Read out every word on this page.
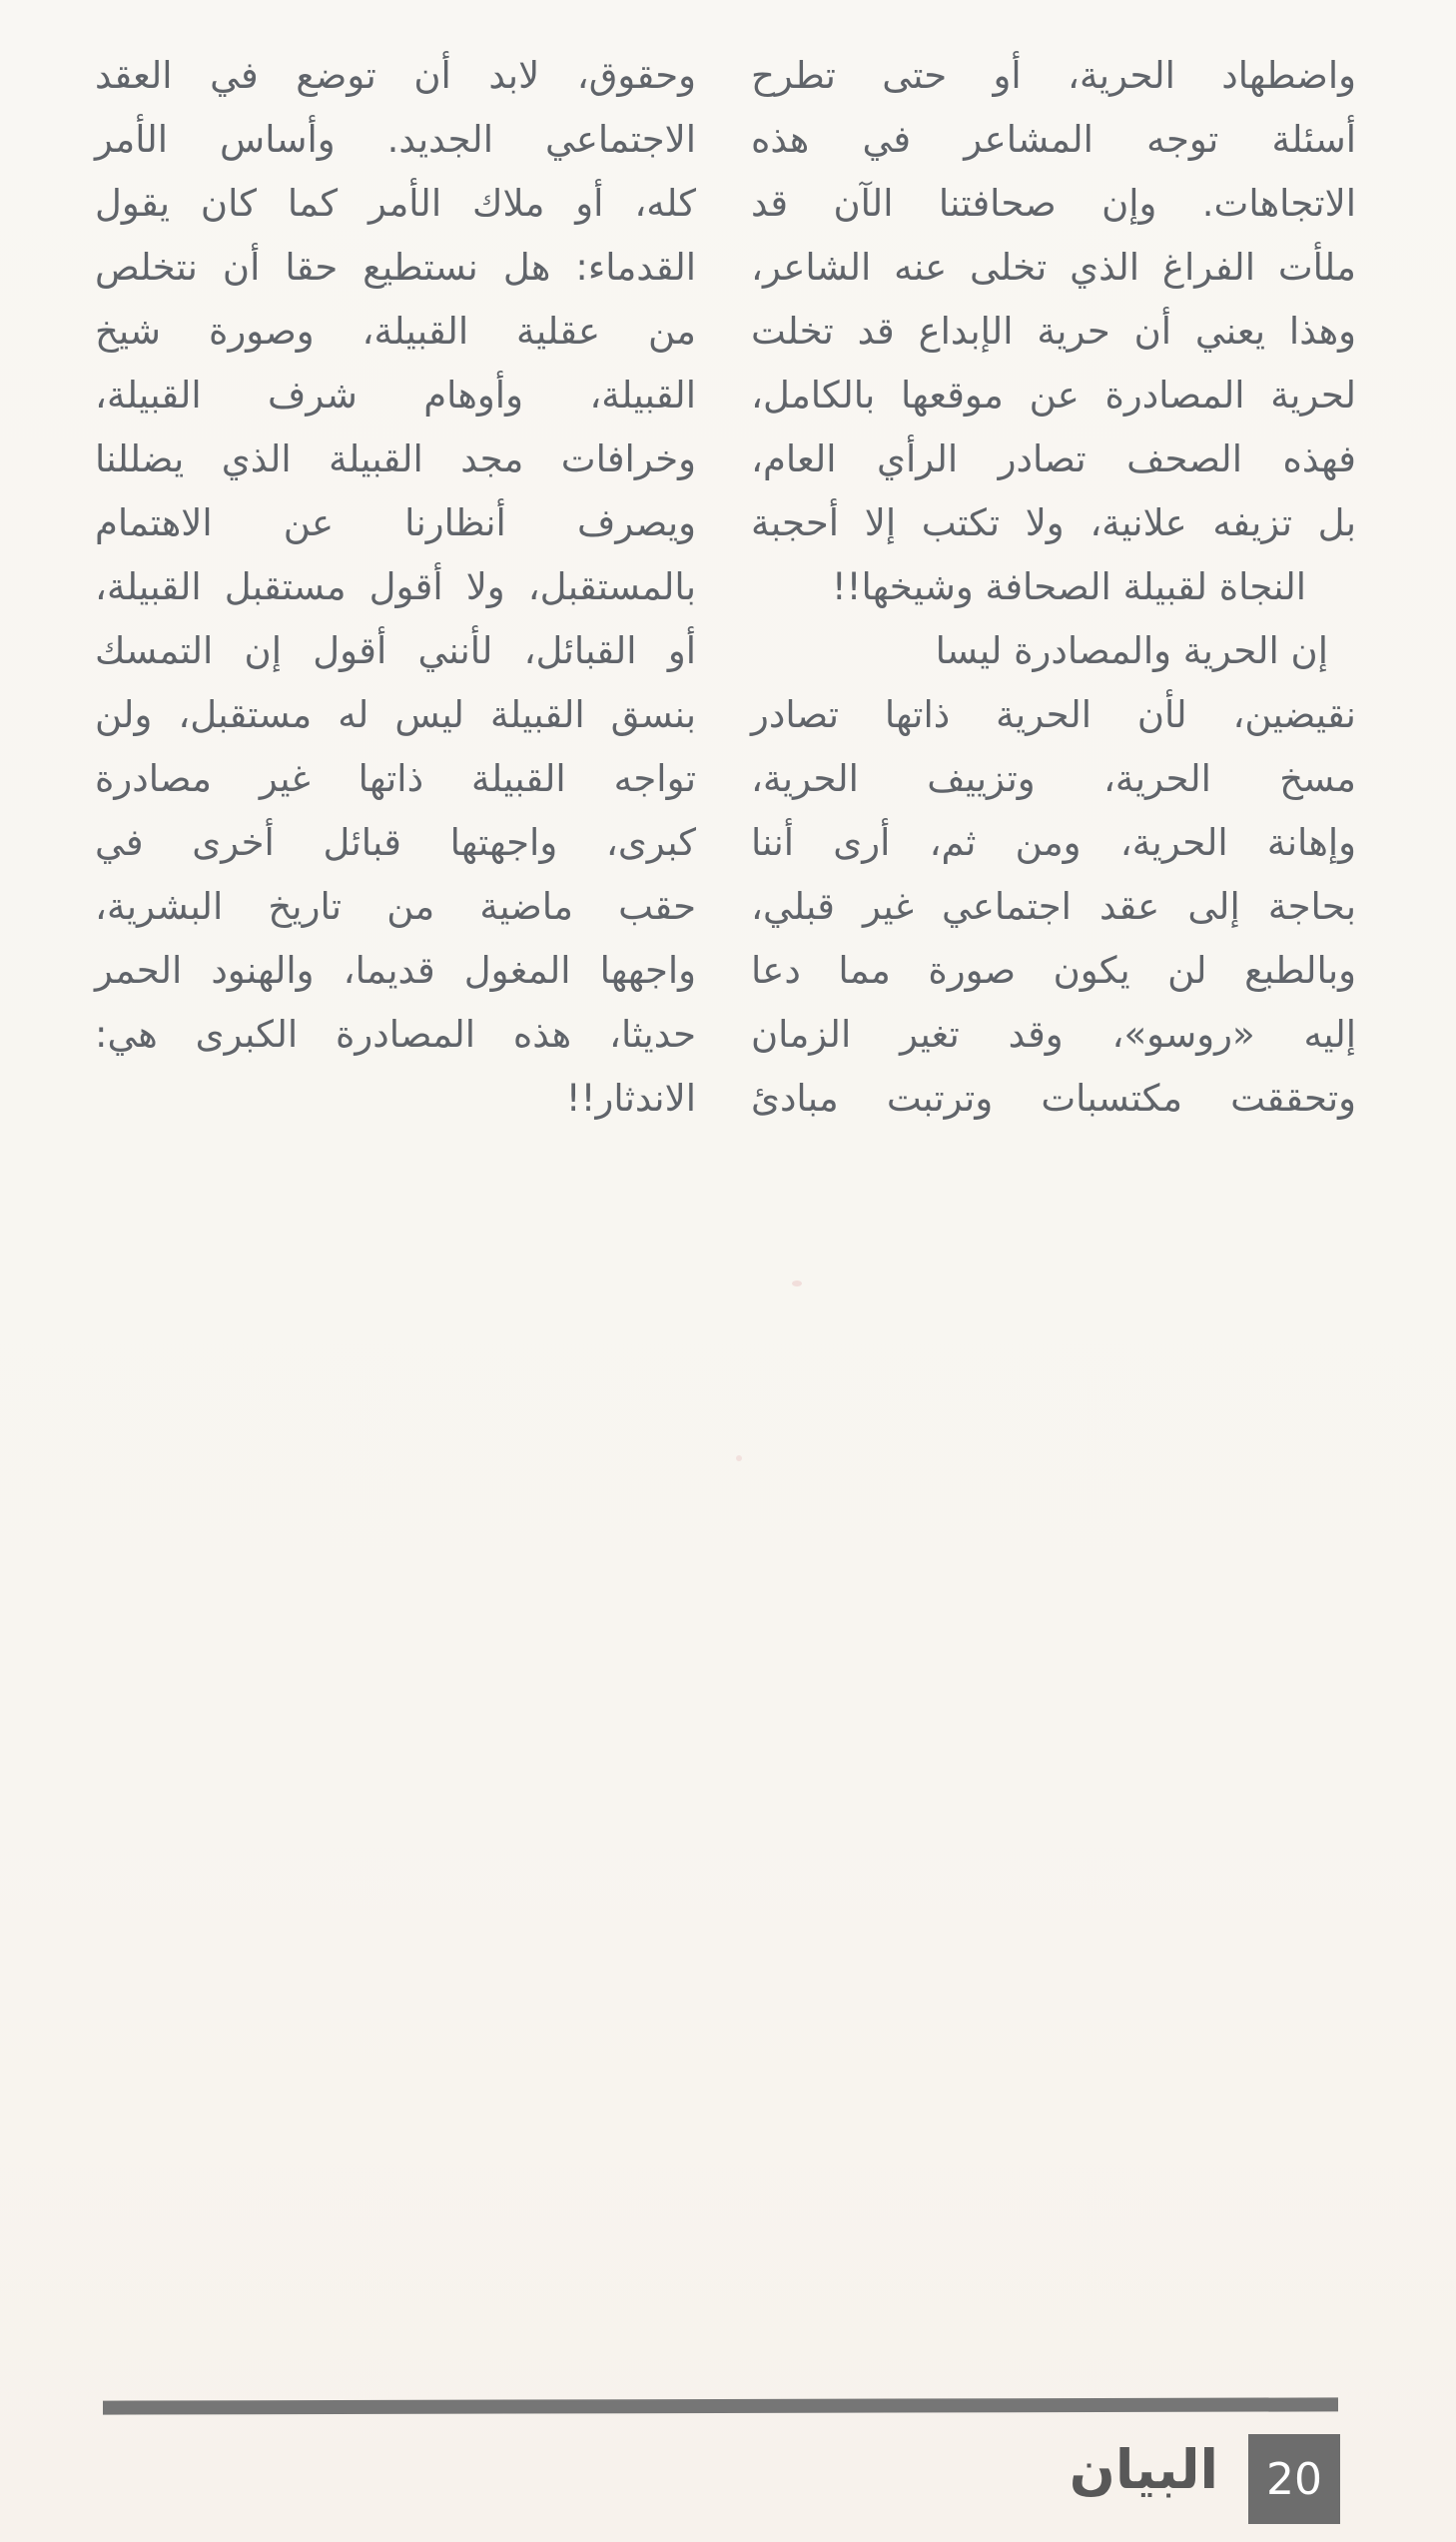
واضطهاد الحرية، أو حتى تطرح
أسئلة توجه المشاعر في هذه
الاتجاهات. وإن صحافتنا الآن قد
ملأت الفراغ الذي تخلى عنه الشاعر،
وهذا يعني أن حرية الإبداع قد تخلت
لحرية المصادرة عن موقعها بالكامل،
فهذه الصحف تصادر الرأي العام،
بل تزيفه علانية، ولا تكتب إلا أحجبة
النجاة لقبيلة الصحافة وشيخها!!
إن الحرية والمصادرة ليسا
نقيضين، لأن الحرية ذاتها تصادر
مسخ الحرية، وتزييف الحرية،
وإهانة الحرية، ومن ثم، أرى أننا
بحاجة إلى عقد اجتماعي غير قبلي،
وبالطبع لن يكون صورة مما دعا
إليه «روسو»، وقد تغير الزمان
وتحققت مكتسبات وترتبت مبادئ
وحقوق، لابد أن توضع في العقد
الاجتماعي الجديد. وأساس الأمر
كله، أو ملاك الأمر كما كان يقول
القدماء: هل نستطيع حقا أن نتخلص
من عقلية القبيلة، وصورة شيخ
القبيلة، وأوهام شرف القبيلة،
وخرافات مجد القبيلة الذي يضللنا
ويصرف أنظارنا عن الاهتمام
بالمستقبل، ولا أقول مستقبل القبيلة،
أو القبائل، لأنني أقول إن التمسك
بنسق القبيلة ليس له مستقبل، ولن
تواجه القبيلة ذاتها غير مصادرة
كبرى، واجهتها قبائل أخرى في
حقب ماضية من تاريخ البشرية،
واجهها المغول قديما، والهنود الحمر
حديثا، هذه المصادرة الكبرى هي:
الاندثار!!
البيان 20
